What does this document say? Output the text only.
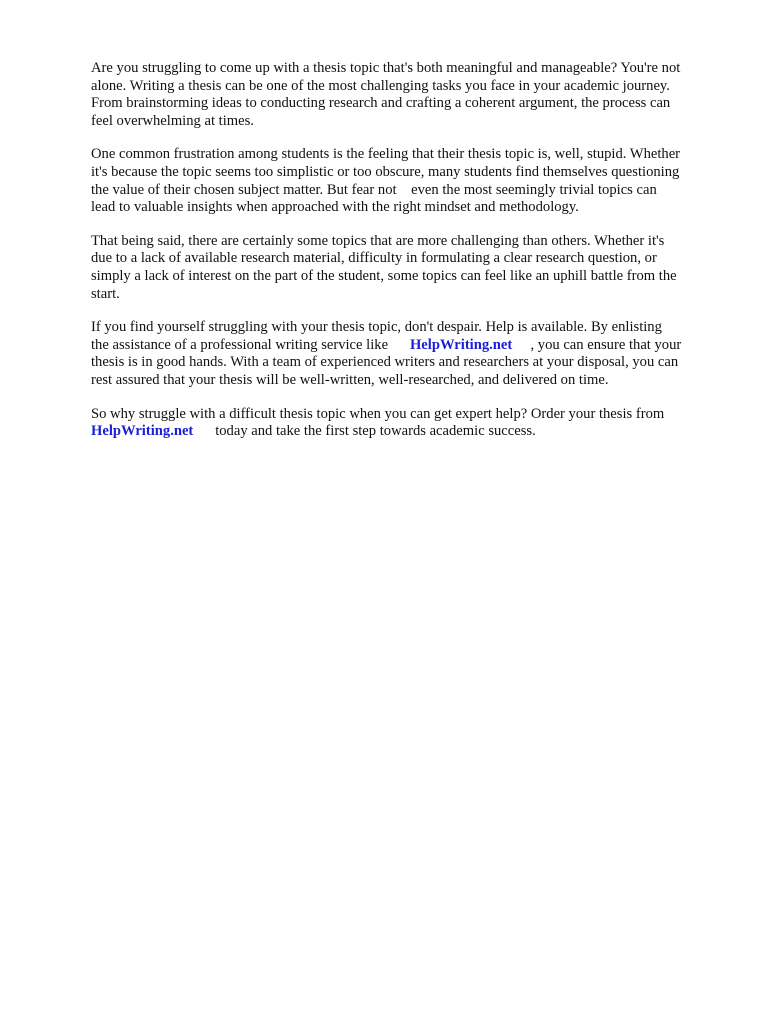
Are you struggling to come up with a thesis topic that's both meaningful and manageable? You're not
alone. Writing a thesis can be one of the most challenging tasks you face in your academic journey.
From brainstorming ideas to conducting research and crafting a coherent argument, the process can
feel overwhelming at times.

One common frustration among students is the feeling that their thesis topic is, well, stupid. Whether
it's because the topic seems too simplistic or too obscure, many students find themselves questioning
the value of their chosen subject matter. But fear not    even the most seemingly trivial topics can
lead to valuable insights when approached with the right mindset and methodology.

That being said, there are certainly some topics that are more challenging than others. Whether it's
due to a lack of available research material, difficulty in formulating a clear research question, or
simply a lack of interest on the part of the student, some topics can feel like an uphill battle from the
start.

If you find yourself struggling with your thesis topic, don't despair. Help is available. By enlisting
the assistance of a professional writing service like      HelpWriting.net     , you can ensure that your
thesis is in good hands. With a team of experienced writers and researchers at your disposal, you can
rest assured that your thesis will be well-written, well-researched, and delivered on time.

So why struggle with a difficult thesis topic when you can get expert help? Order your thesis from
HelpWriting.net      today and take the first step towards academic success.
